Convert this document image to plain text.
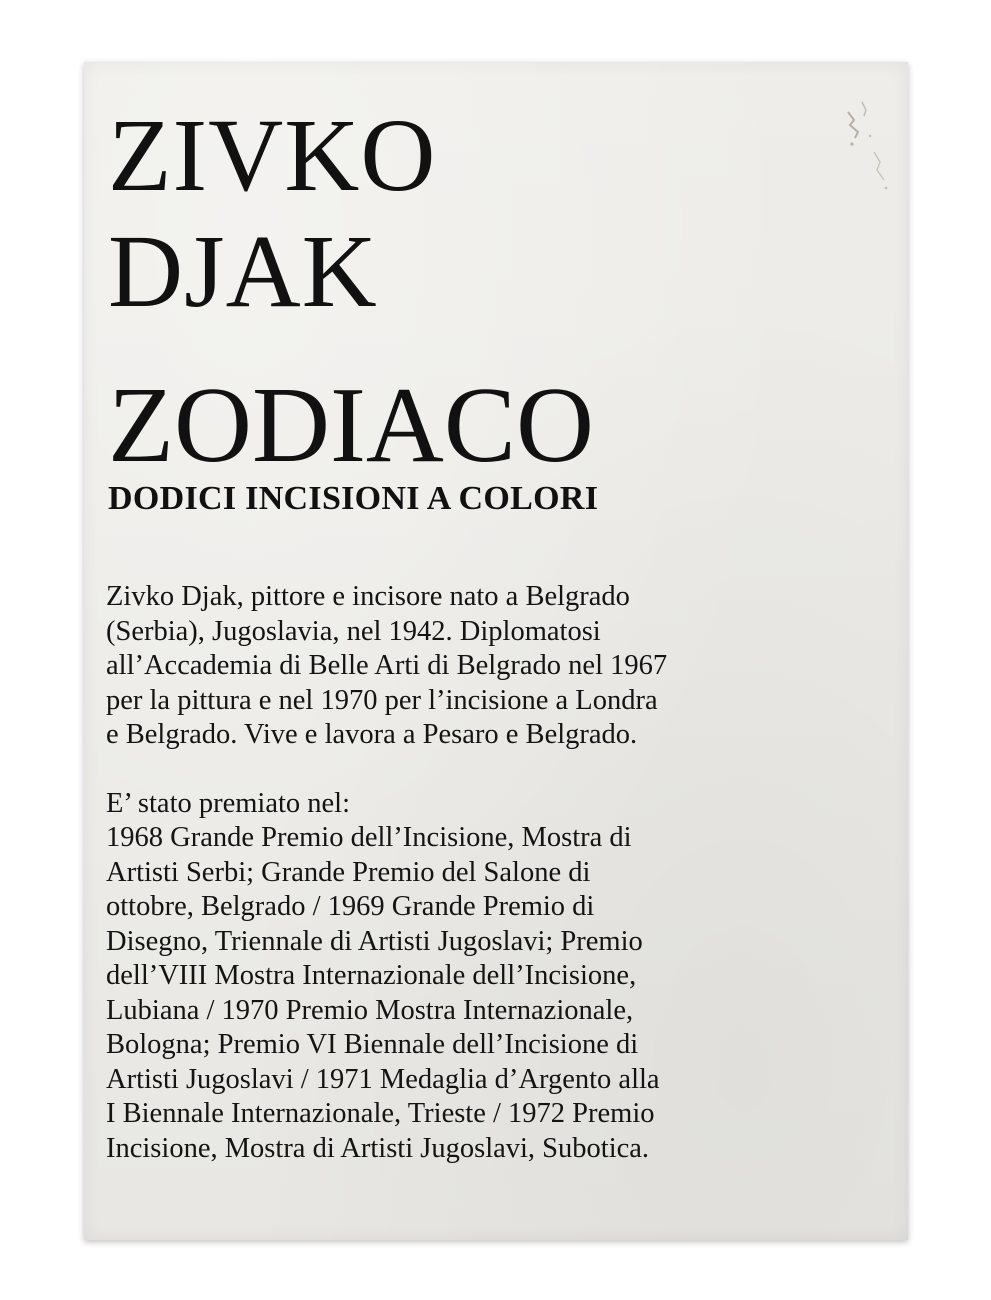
ZIVKO
DJAK
ZODIACO
DODICI INCISIONI A COLORI
Zivko Djak, pittore e incisore nato a Belgrado
(Serbia), Jugoslavia, nel 1942. Diplomatosi
all’Accademia di Belle Arti di Belgrado nel 1967
per la pittura e nel 1970 per l’incisione a Londra
e Belgrado. Vive e lavora a Pesaro e Belgrado.
E’ stato premiato nel:
1968 Grande Premio dell’Incisione, Mostra di
Artisti Serbi; Grande Premio del Salone di
ottobre, Belgrado / 1969 Grande Premio di
Disegno, Triennale di Artisti Jugoslavi; Premio
dell’VIII Mostra Internazionale dell’Incisione,
Lubiana / 1970 Premio Mostra Internazionale,
Bologna; Premio VI Biennale dell’Incisione di
Artisti Jugoslavi / 1971 Medaglia d’Argento alla
I Biennale Internazionale, Trieste / 1972 Premio
Incisione, Mostra di Artisti Jugoslavi, Subotica.
